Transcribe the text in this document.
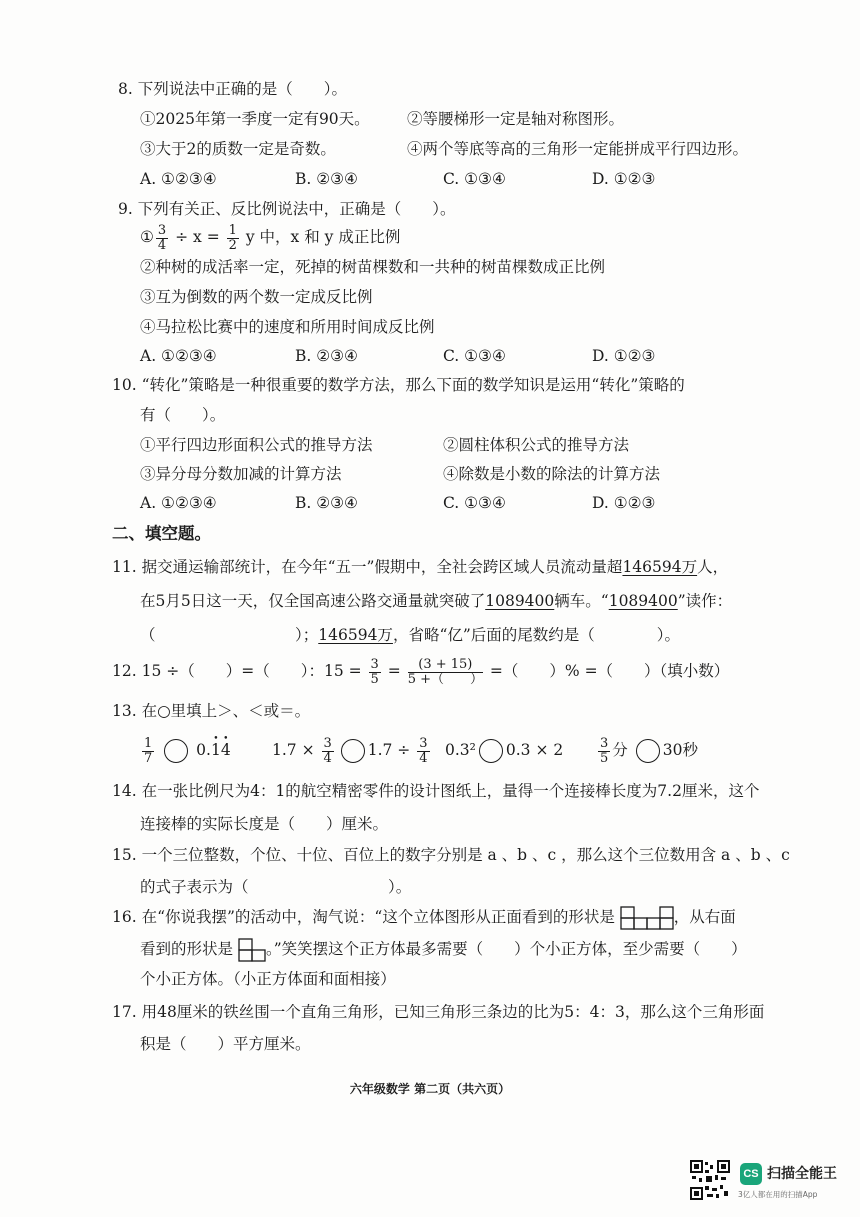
8. 下列说法中正确的是（　　）。
①2025年第一季度一定有90天。 ②等腰梯形一定是轴对称图形。
③大于2的质数一定是奇数。	④两个等底等高的三角形一定能拼成平行四边形。
A. ①②③④	B. ②③④	C. ①③④	D. ①②③
9. 下列有关正、反比例说法中，正确是（　　）。
① $\frac{3}{4} \div x = \frac{1}{2}$ y 中，x 和 y 成正比例
②种树的成活率一定，死掉的树苗棵数和一共种的树苗棵数成正比例
③互为倒数的两个数一定成反比例
④马拉松比赛中的速度和所用时间成反比例
A. ①②③④	B. ②③④	C. ①③④	D. ①②③
10. “转化”策略是一种很重要的数学方法，那么下面的数学知识是运用“转化”策略的
有（　　）。
①平行四边形面积公式的推导方法	②圆柱体积公式的推导方法
③异分母分数加减的计算方法	④除数是小数的除法的计算方法
A. ①②③④	B. ②③④	C. ①③④	D. ①②③
二、填空题。
11. 据交通运输部统计，在今年“五一”假期中，全社会跨区域人员流动量超146594万人，
在5月5日这一天，仅全国高速公路交通量就突破了1089400辆车。“1089400”读作：
（　　　　　　　　　）；146594万，省略“亿”后面的尾数约是（　　　　）。
12. 15 ÷（　　）=（　　）：$15 = \frac{3}{5} = \frac{(3 + 15)}{5 +( )}$ =（　　）% =（　　）（填小数）
13. 在○里填上＞、＜或＝。
$\frac{1}{7}$	0.• 1• 4	$1.7 \times \frac{3}{4} 1.7 \div \frac{3}{4} 0.3^2$ 0.3 × 2	$\frac{3}{5}$ 分 30秒
14. 在一张比例尺为4：1的航空精密零件的设计图纸上，量得一个连接棒长度为7.2厘米，这个
连接棒的实际长度是（　　）厘米。
15. 一个三位整数，个位、十位、百位上的数字分别是 a 、b 、c ，那么这个三位数用含 a 、b 、c
的式子表示为（　　　　　　　　　）。
16. 在“你说我摆”的活动中，淘气说：“这个立体图形从正面看到的形状是	，从右面
看到的形状是 。”笑笑摆这个正方体最多需要（　　）个小正方体，至少需要（　　）
个小正方体。（小正方体面和面相接）
17. 用48厘米的铁丝围一个直角三角形，已知三角形三条边的比为5：4：3，那么这个三角形面
积是（　　）平方厘米。
六年级数学 第二页（共六页）
CS 扫描全能王
3亿人都在用的扫描App
